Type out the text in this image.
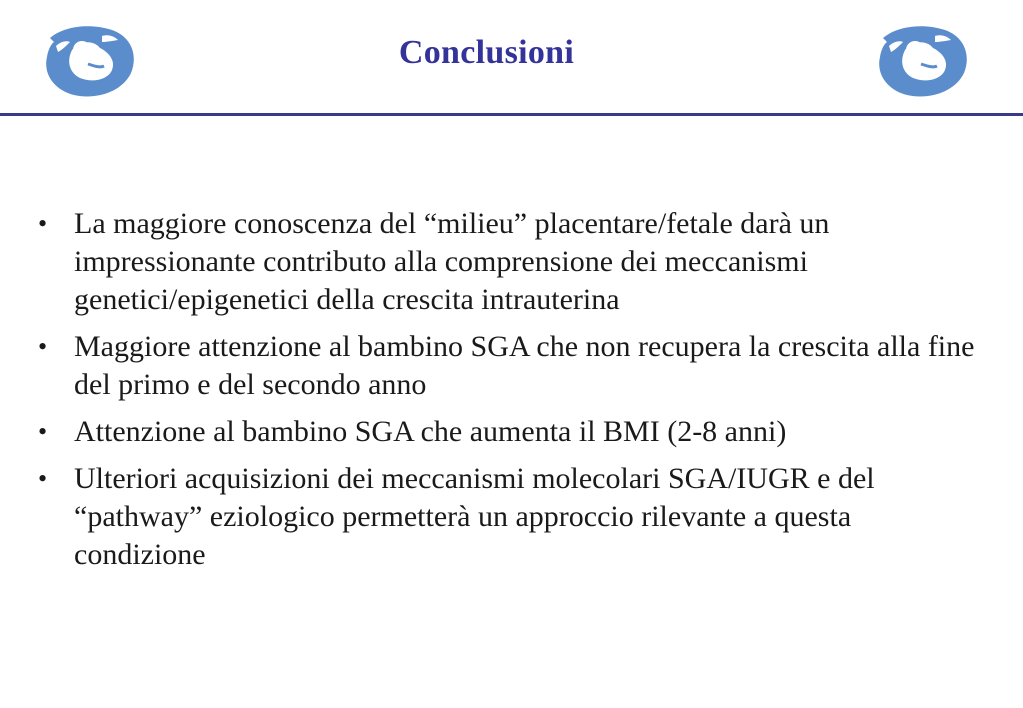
Conclusioni
• La maggiore conoscenza del “milieu” placentare/fetale darà un impressionante contributo alla comprensione dei meccanismi genetici/epigenetici della crescita intrauterina
• Maggiore attenzione al bambino SGA che non recupera la crescita alla fine del primo e del secondo anno
• Attenzione al bambino SGA che aumenta il BMI (2-8 anni)
• Ulteriori acquisizioni dei meccanismi molecolari SGA/IUGR e del “pathway” eziologico permetterà un approccio rilevante a questa condizione
